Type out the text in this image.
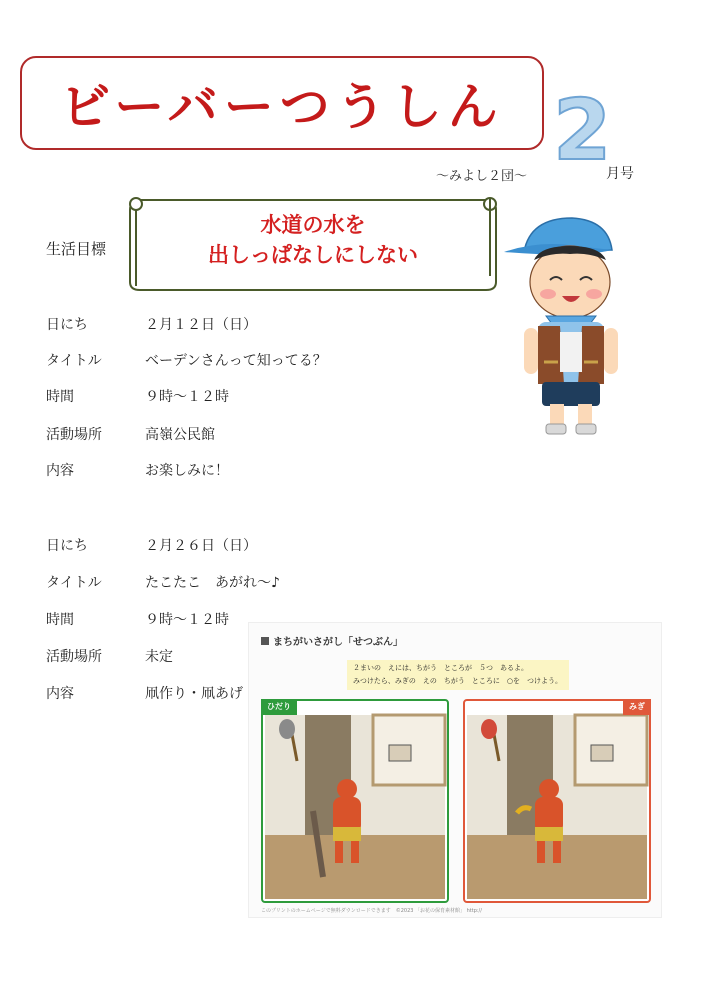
ビーバーつうしん 2
月号
〜みよし２団〜
生活目標
水道の水を
出しっぱなしにしない
日にち	２月１２日（日）
タイトル	ベーデンさんって知ってる？
時間	９時〜１２時
活動場所	高嶺公民館
内容	お楽しみに！
日にち	２月２６日（日）
タイトル	たこたこ　あがれ〜♪
時間	９時〜１２時
活動場所	未定
内容	凧作り・凧あげ
まちがいさがし「せつぶん」
２まいの　えには、ちがう　ところが　５つ　あるよ。
みつけたら、みぎの　えの　ちがう　ところに　○を　つけよう。
ひだり	みぎ
このプリントのホームページで無料ダウンロードできます　©2023 「お花の保育素材館」 http://
